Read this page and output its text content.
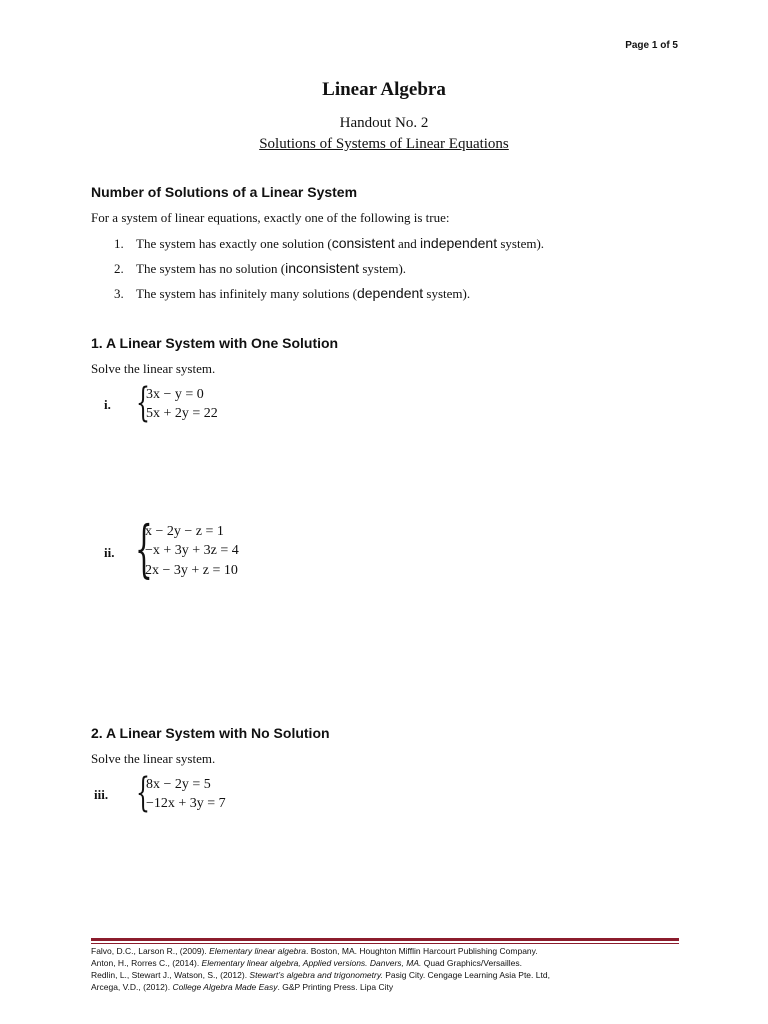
Page 1 of 5
Linear Algebra
Handout No. 2
Solutions of Systems of Linear Equations
Number of Solutions of a Linear System
For a system of linear equations, exactly one of the following is true:
1. The system has exactly one solution (consistent and independent system).
2. The system has no solution (inconsistent system).
3. The system has infinitely many solutions (dependent system).
1. A Linear System with One Solution
Solve the linear system.
i. {
3x − y = 0
5x + 2y = 22
ii. {
x − 2y − z = 1
−x + 3y + 3z = 4
2x − 3y + z = 10
2. A Linear System with No Solution
Solve the linear system.
iii. {
8x − 2y = 5
−12x + 3y = 7
Falvo, D.C., Larson R., (2009). Elementary linear algebra. Boston, MA. Houghton Mifflin Harcourt Publishing Company.
Anton, H., Rorres C., (2014). Elementary linear algebra, Applied versions. Danvers, MA. Quad Graphics/Versailles.
Redlin, L., Stewart J., Watson, S., (2012). Stewart’s algebra and trigonometry. Pasig City. Cengage Learning Asia Pte. Ltd,
Arcega, V.D., (2012). College Algebra Made Easy. G&P Printing Press. Lipa City
